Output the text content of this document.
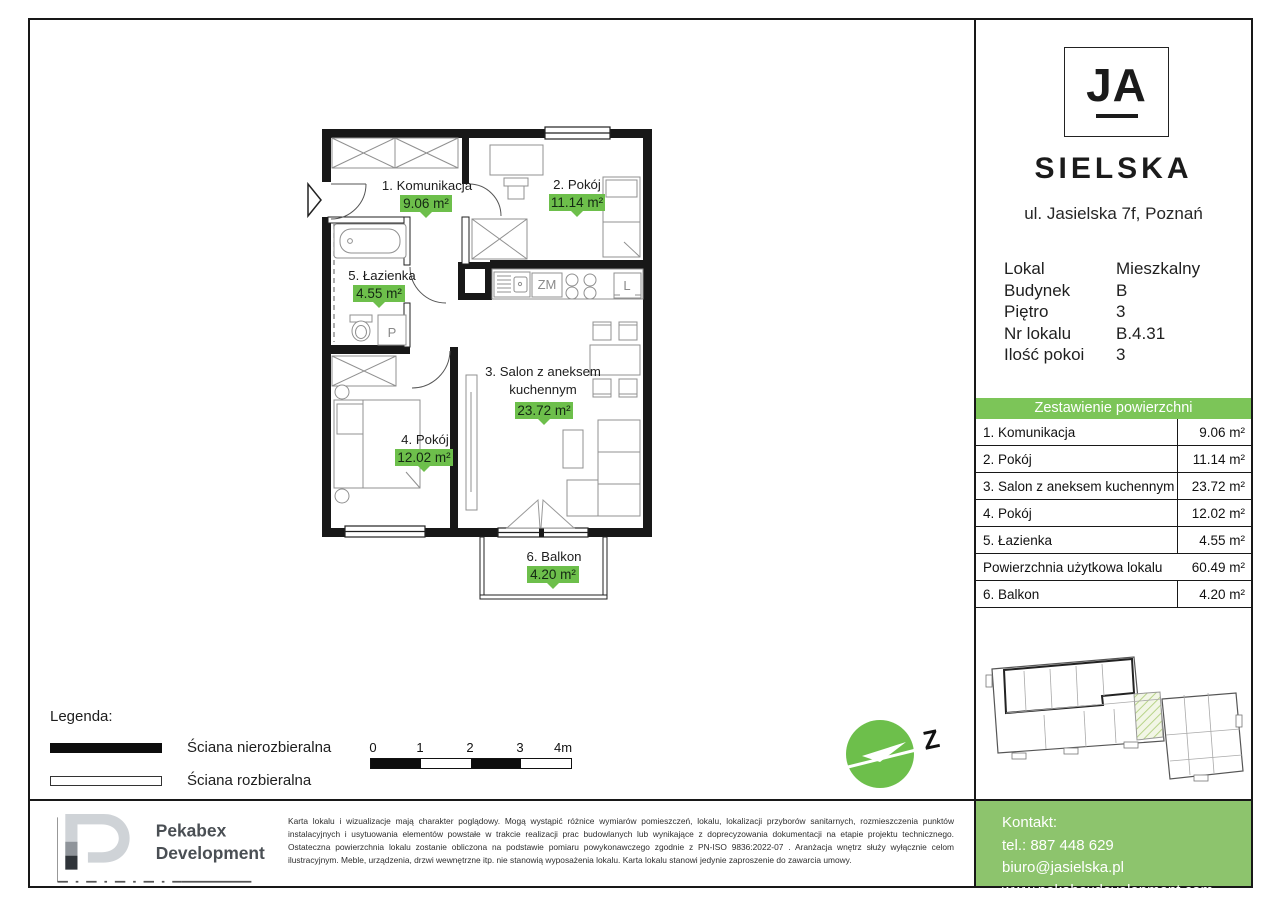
ZM	L
P
1. Komunikacja
9.06 m²
2. Pokój
11.14 m²
5. Łazienka
4.55 m²
3. Salon z aneksem
kuchennym
23.72 m²
4. Pokój
12.02 m²
6. Balkon
4.20 m²
Legenda:
Ściana nierozbieralna
Ściana rozbieralna
0	1	2	3 4m	Z
JA
SIELSKA
ul. Jasielska 7f, Poznań
Lokal	Mieszkalny
Budynek	B
Piętro	3
Nr lokalu	B.4.31
Ilość pokoi	3
Zestawienie powierzchni
1. Komunikacja	9.06 m²
2. Pokój	11.14 m²
3. Salon z aneksem kuchennym	23.72 m²
4. Pokój	12.02 m²
5. Łazienka	4.55 m²
Powierzchnia użytkowa lokalu	60.49 m²
6. Balkon	4.20 m²
Kontakt:
tel.: 887 448 629
biuro@jasielska.pl
www.pekabexdevelopment.com
Pekabex
Development
Karta lokalu i wizualizacje mają charakter poglądowy. Mogą wystąpić różnice wymiarów pomieszczeń, lokalu, lokalizacji przyborów sanitarnych, rozmieszczenia punktów instalacyjnych i usytuowania elementów powstałe w trakcie realizacji prac budowlanych lub wynikające z doprecyzowania dokumentacji na etapie projektu technicznego. Ostateczna powierzchnia lokalu zostanie obliczona na podstawie pomiaru powykonawczego zgodnie z PN-ISO 9836:2022-07 . Aranżacja wnętrz służy wyłącznie celom ilustracyjnym. Meble, urządzenia, drzwi wewnętrzne itp. nie stanowią wyposażenia lokalu. Karta lokalu stanowi jedynie zaproszenie do zawarcia umowy.
